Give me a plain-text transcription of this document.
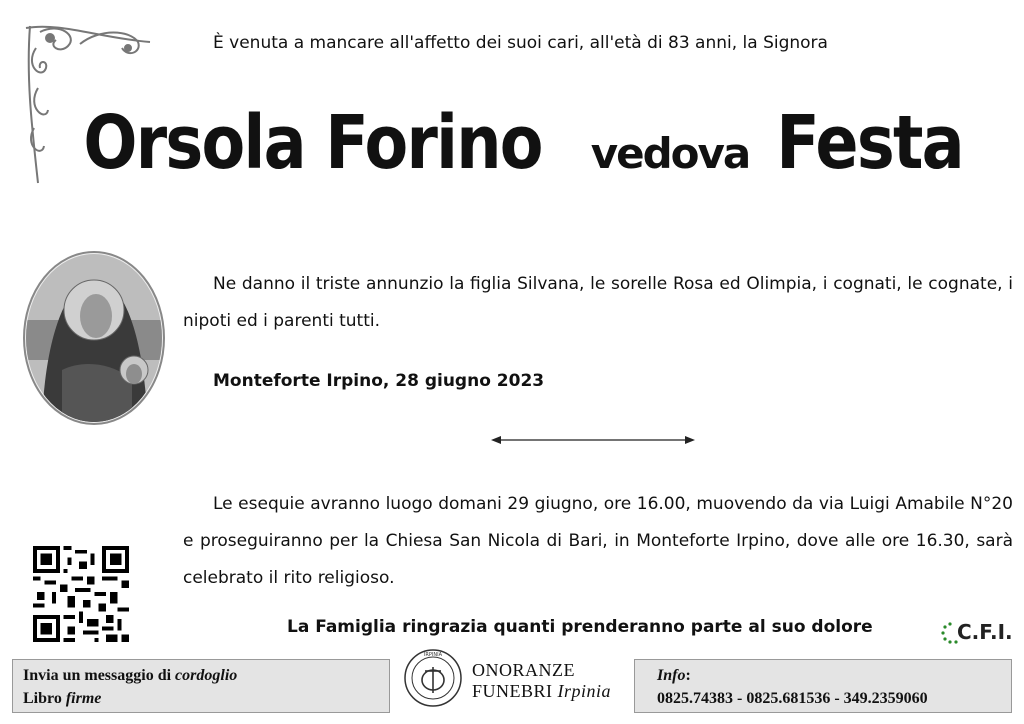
È venuta a mancare all'affetto dei suoi cari, all'età di 83 anni, la Signora
Orsola Forino vedova Festa
Ne danno il triste annunzio la figlia Silvana, le sorelle Rosa ed Olimpia, i cognati, le cognate, i nipoti ed i parenti tutti.
Monteforte Irpino, 28 giugno 2023
Le esequie avranno luogo domani 29 giugno, ore 16.00, muovendo da via Luigi Amabile N°20 e proseguiranno per la Chiesa San Nicola di Bari, in Monteforte Irpino, dove alle ore 16.30, sarà celebrato il rito religioso.
La Famiglia ringrazia quanti prenderanno parte al suo dolore	C.F.I.
Invia un messaggio di cordoglio
Libro firme
IRPINIA
ONORANZE
FUNEBRI Irpinia
Info:
0825.74383 - 0825.681536 - 349.2359060
